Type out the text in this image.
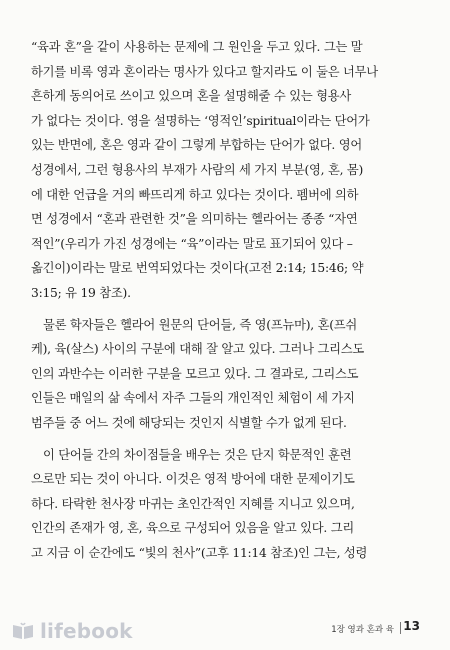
“육과 혼”을 같이 사용하는 문제에 그 원인을 두고 있다. 그는 말
하기를 비록 영과 혼이라는 명사가 있다고 할지라도 이 둘은 너무나
흔하게 동의어로 쓰이고 있으며 혼을 설명해줄 수 있는 형용사
가 없다는 것이다. 영을 설명하는 ‘영적인’spiritual이라는 단어가
있는 반면에, 혼은 영과 같이 그렇게 부합하는 단어가 없다. 영어
성경에서, 그런 형용사의 부재가 사람의 세 가지 부분(영, 혼, 몸)
에 대한 언급을 거의 빠뜨리게 하고 있다는 것이다. 펨버에 의하
면 성경에서 “혼과 관련한 것”을 의미하는 헬라어는 종종 “자연
적인”(우리가 가진 성경에는 “육”이라는 말로 표기되어 있다 –
옮긴이)이라는 말로 번역되었다는 것이다(고전 2:14; 15:46; 약
3:15; 유 19 참조).
물론 학자들은 헬라어 원문의 단어들, 즉 영(프뉴마), 혼(프쉬
케), 육(살스) 사이의 구분에 대해 잘 알고 있다. 그러나 그리스도
인의 과반수는 이러한 구분을 모르고 있다. 그 결과로, 그리스도
인들은 매일의 삶 속에서 자주 그들의 개인적인 체험이 세 가지
범주들 중 어느 것에 해당되는 것인지 식별할 수가 없게 된다.
이 단어들 간의 차이점들을 배우는 것은 단지 학문적인 훈련
으로만 되는 것이 아니다. 이것은 영적 방어에 대한 문제이기도
하다. 타락한 천사장 마귀는 초인간적인 지혜를 지니고 있으며,
인간의 존재가 영, 혼, 육으로 구성되어 있음을 알고 있다. 그리
고 지금 이 순간에도 “빛의 천사”(고후 11:14 참조)인 그는, 성령
lifebook	1장 영과 혼과 육 13
